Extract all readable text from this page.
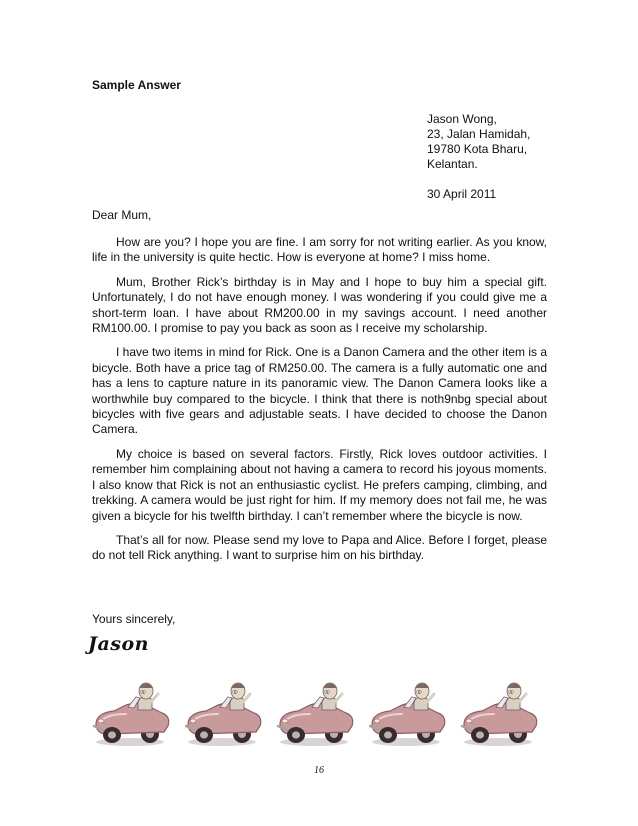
Sample Answer
Jason Wong,
23, Jalan Hamidah,
19780 Kota Bharu,
Kelantan.
30 April 2011
Dear Mum,

How are you? I hope you are fine. I am sorry for not writing earlier. As you know, life in the university is quite hectic. How is everyone at home? I miss home.

Mum, Brother Rick’s birthday is in May and I hope to buy him a special gift. Unfortunately, I do not have enough money. I was wondering if you could give me a short-term loan. I have about RM200.00 in my savings account. I need another RM100.00. I promise to pay you back as soon as I receive my scholarship.

I have two items in mind for Rick. One is a Danon Camera and the other item is a bicycle. Both have a price tag of RM250.00. The camera is a fully automatic one and has a lens to capture nature in its panoramic view. The Danon Camera looks like a worthwhile buy compared to the bicycle. I think that there is noth9nbg special about bicycles with five gears and adjustable seats. I have decided to choose the Danon Camera.

My choice is based on several factors. Firstly, Rick loves outdoor activities. I remember him complaining about not having a camera to record his joyous moments. I also know that Rick is not an enthusiastic cyclist. He prefers camping, climbing, and trekking. A camera would be just right for him. If my memory does not fail me, he was given a bicycle for his twelfth birthday. I can’t remember where the bicycle is now.

That’s all for now. Please send my love to Papa and Alice. Before I forget, please do not tell Rick anything. I want to surprise him on his birthday.

Yours sincerely,
Jason
16
